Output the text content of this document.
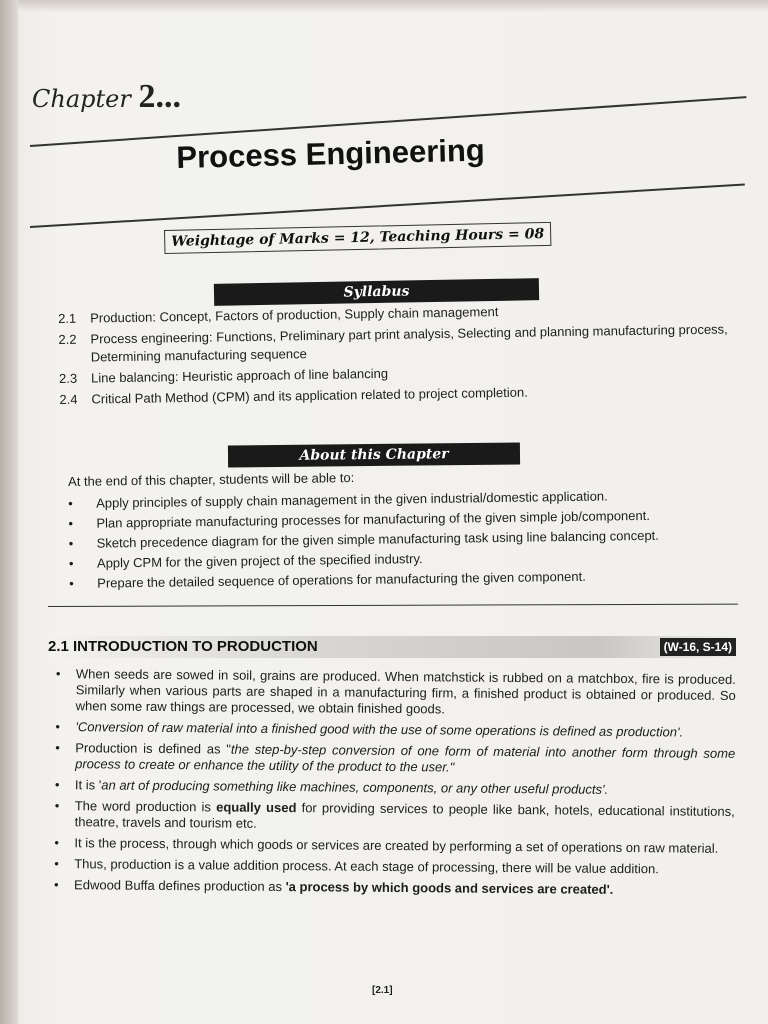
Chapter 2...
Process Engineering
Weightage of Marks = 12, Teaching Hours = 08
Syllabus
2.1 Production: Concept, Factors of production, Supply chain management
2.2 Process engineering: Functions, Preliminary part print analysis, Selecting and planning manufacturing process, Determining manufacturing sequence
2.3 Line balancing: Heuristic approach of line balancing
2.4 Critical Path Method (CPM) and its application related to project completion.
About this Chapter
At the end of this chapter, students will be able to:
• Apply principles of supply chain management in the given industrial/domestic application.
• Plan appropriate manufacturing processes for manufacturing of the given simple job/component.
• Sketch precedence diagram for the given simple manufacturing task using line balancing concept.
• Apply CPM for the given project of the specified industry.
• Prepare the detailed sequence of operations for manufacturing the given component.
2.1 INTRODUCTION TO PRODUCTION	(W-16, S-14)
• When seeds are sowed in soil, grains are produced. When matchstick is rubbed on a matchbox, fire is produced. Similarly when various parts are shaped in a manufacturing firm, a finished product is obtained or produced. So when some raw things are processed, we obtain finished goods.
• 'Conversion of raw material into a finished good with the use of some operations is defined as production'.
• Production is defined as "the step-by-step conversion of one form of material into another form through some process to create or enhance the utility of the product to the user."
• It is 'an art of producing something like machines, components, or any other useful products'.
• The word production is equally used for providing services to people like bank, hotels, educational institutions, theatre, travels and tourism etc.
• It is the process, through which goods or services are created by performing a set of operations on raw material.
• Thus, production is a value addition process. At each stage of processing, there will be value addition.
• Edwood Buffa defines production as 'a process by which goods and services are created'.
[2.1]
